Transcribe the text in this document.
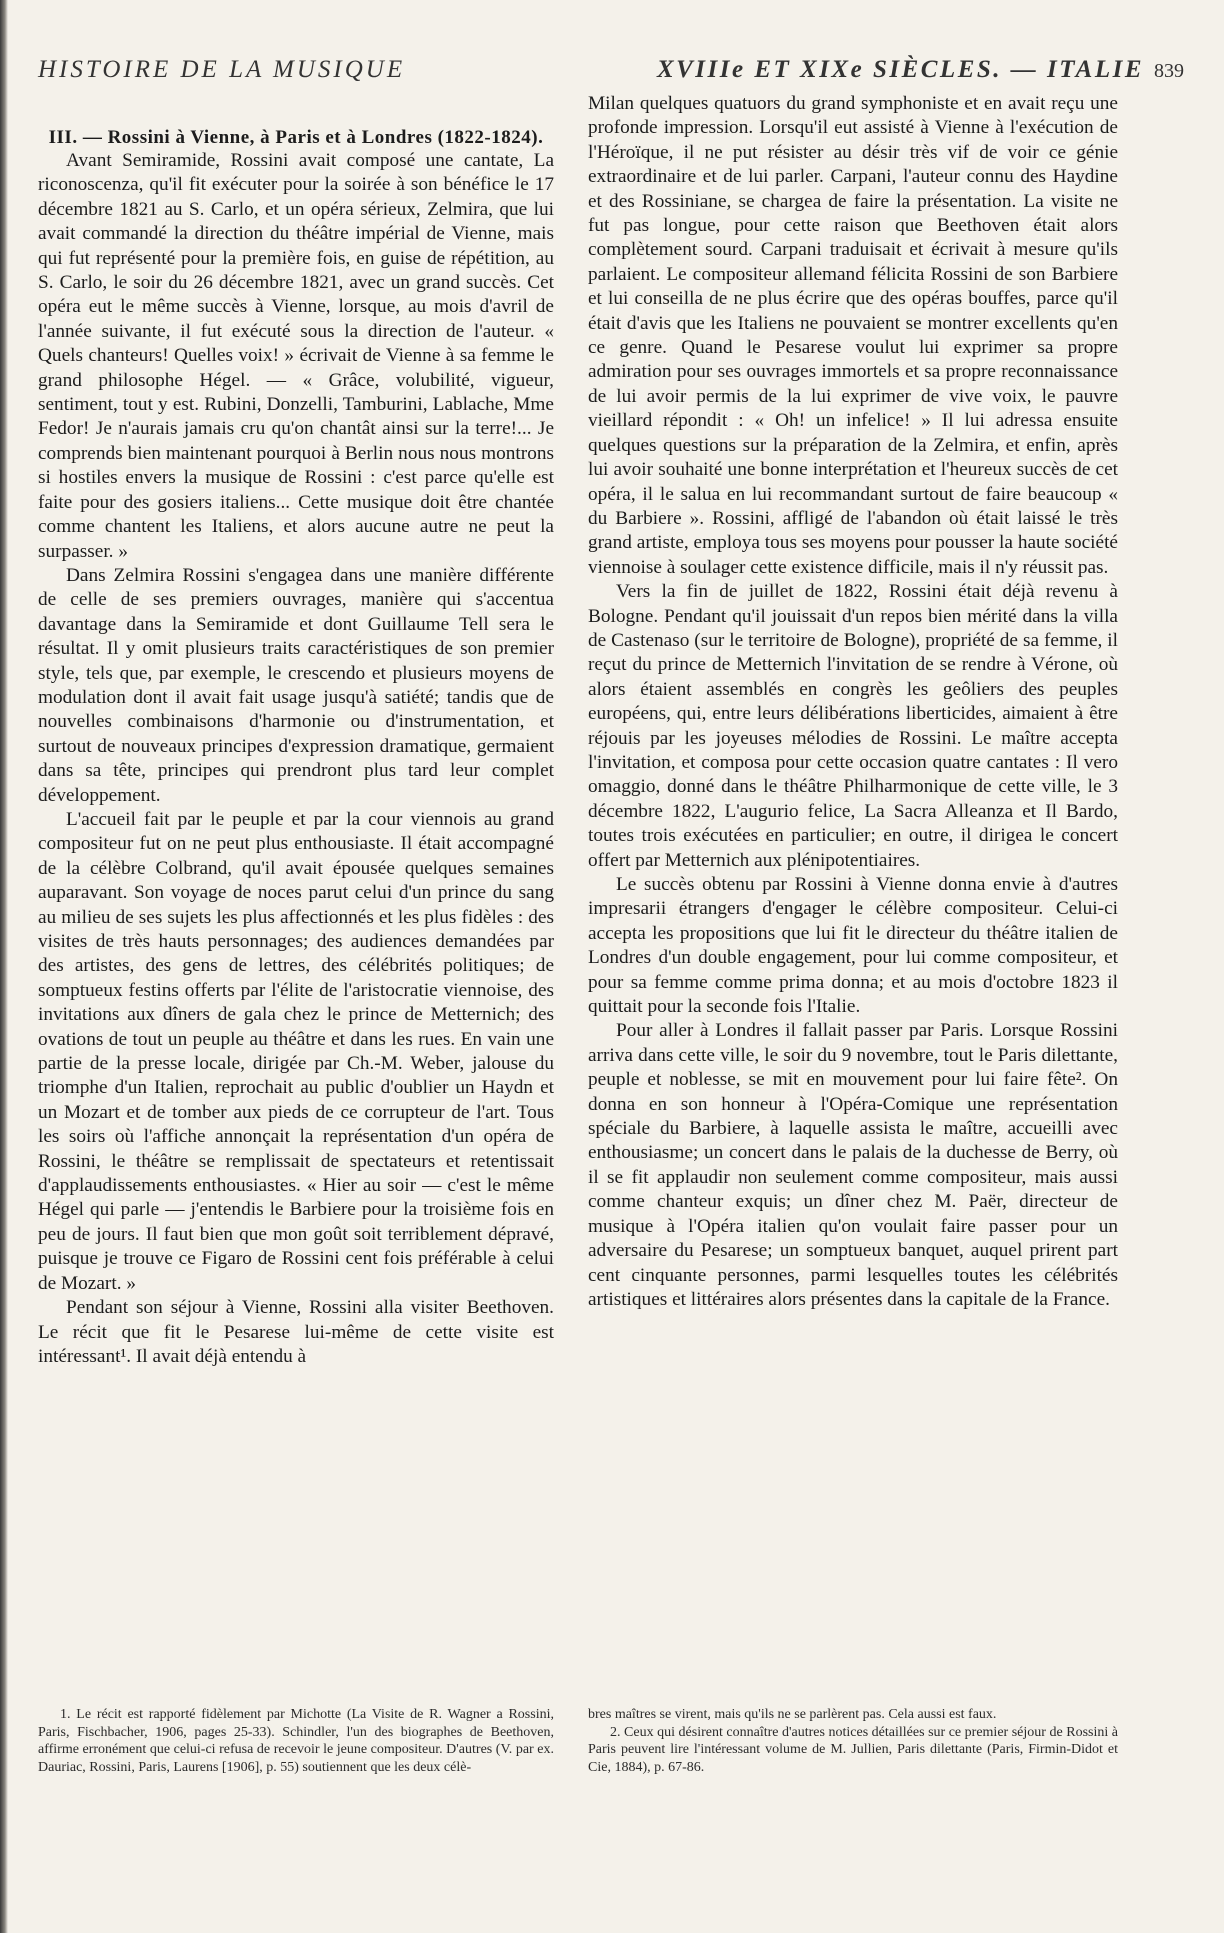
HISTOIRE DE LA MUSIQUE	XVIIIe ET XIXe SIÈCLES. — ITALIE 839

III. — Rossini à Vienne, à Paris et à Londres (1822-1824).

Avant Semiramide, Rossini avait composé une cantate, La riconoscenza, qu'il fit exécuter pour la soirée à son bénéfice le 17 décembre 1821 au S. Carlo, et un opéra sérieux, Zelmira, que lui avait commandé la direction du théâtre impérial de Vienne, mais qui fut représenté pour la première fois, en guise de répétition, au S. Carlo, le soir du 26 décembre 1821, avec un grand succès. Cet opéra eut le même succès à Vienne, lorsque, au mois d'avril de l'année suivante, il fut exécuté sous la direction de l'auteur. « Quels chanteurs! Quelles voix! » écrivait de Vienne à sa femme le grand philosophe Hégel. — « Grâce, volubilité, vigueur, sentiment, tout y est. Rubini, Donzelli, Tamburini, Lablache, Mme Fedor! Je n'aurais jamais cru qu'on chantât ainsi sur la terre!... Je comprends bien maintenant pourquoi à Berlin nous nous montrons si hostiles envers la musique de Rossini : c'est parce qu'elle est faite pour des gosiers italiens... Cette musique doit être chantée comme chantent les Italiens, et alors aucune autre ne peut la surpasser. »

Dans Zelmira Rossini s'engagea dans une manière différente de celle de ses premiers ouvrages, manière qui s'accentua davantage dans la Semiramide et dont Guillaume Tell sera le résultat. Il y omit plusieurs traits caractéristiques de son premier style, tels que, par exemple, le crescendo et plusieurs moyens de modulation dont il avait fait usage jusqu'à satiété; tandis que de nouvelles combinaisons d'harmonie ou d'instrumentation, et surtout de nouveaux principes d'expression dramatique, germaient dans sa tête, principes qui prendront plus tard leur complet développement.

L'accueil fait par le peuple et par la cour viennois au grand compositeur fut on ne peut plus enthousiaste. Il était accompagné de la célèbre Colbrand, qu'il avait épousée quelques semaines auparavant. Son voyage de noces parut celui d'un prince du sang au milieu de ses sujets les plus affectionnés et les plus fidèles : des visites de très hauts personnages; des audiences demandées par des artistes, des gens de lettres, des célébrités politiques; de somptueux festins offerts par l'élite de l'aristocratie viennoise, des invitations aux dîners de gala chez le prince de Metternich; des ovations de tout un peuple au théâtre et dans les rues. En vain une partie de la presse locale, dirigée par Ch.-M. Weber, jalouse du triomphe d'un Italien, reprochait au public d'oublier un Haydn et un Mozart et de tomber aux pieds de ce corrupteur de l'art. Tous les soirs où l'affiche annonçait la représentation d'un opéra de Rossini, le théâtre se remplissait de spectateurs et retentissait d'applaudissements enthousiastes. « Hier au soir — c'est le même Hégel qui parle — j'entendis le Barbiere pour la troisième fois en peu de jours. Il faut bien que mon goût soit terriblement dépravé, puisque je trouve ce Figaro de Rossini cent fois préférable à celui de Mozart. »

Pendant son séjour à Vienne, Rossini alla visiter Beethoven. Le récit que fit le Pesarese lui-même de cette visite est intéressant¹. Il avait déjà entendu à

Milan quelques quatuors du grand symphoniste et en avait reçu une profonde impression. Lorsqu'il eut assisté à Vienne à l'exécution de l'Héroïque, il ne put résister au désir très vif de voir ce génie extraordinaire et de lui parler. Carpani, l'auteur connu des Haydine et des Rossiniane, se chargea de faire la présentation. La visite ne fut pas longue, pour cette raison que Beethoven était alors complètement sourd. Carpani traduisait et écrivait à mesure qu'ils parlaient. Le compositeur allemand félicita Rossini de son Barbiere et lui conseilla de ne plus écrire que des opéras bouffes, parce qu'il était d'avis que les Italiens ne pouvaient se montrer excellents qu'en ce genre. Quand le Pesarese voulut lui exprimer sa propre admiration pour ses ouvrages immortels et sa propre reconnaissance de lui avoir permis de la lui exprimer de vive voix, le pauvre vieillard répondit : « Oh! un infelice! » Il lui adressa ensuite quelques questions sur la préparation de la Zelmira, et enfin, après lui avoir souhaité une bonne interprétation et l'heureux succès de cet opéra, il le salua en lui recommandant surtout de faire beaucoup « du Barbiere ». Rossini, affligé de l'abandon où était laissé le très grand artiste, employa tous ses moyens pour pousser la haute société viennoise à soulager cette existence difficile, mais il n'y réussit pas.

Vers la fin de juillet de 1822, Rossini était déjà revenu à Bologne. Pendant qu'il jouissait d'un repos bien mérité dans la villa de Castenaso (sur le territoire de Bologne), propriété de sa femme, il reçut du prince de Metternich l'invitation de se rendre à Vérone, où alors étaient assemblés en congrès les geôliers des peuples européens, qui, entre leurs délibérations liberticides, aimaient à être réjouis par les joyeuses mélodies de Rossini. Le maître accepta l'invitation, et composa pour cette occasion quatre cantates : Il vero omaggio, donné dans le théâtre Philharmonique de cette ville, le 3 décembre 1822, L'augurio felice, La Sacra Alleanza et Il Bardo, toutes trois exécutées en particulier; en outre, il dirigea le concert offert par Metternich aux plénipotentiaires.

Le succès obtenu par Rossini à Vienne donna envie à d'autres impresarii étrangers d'engager le célèbre compositeur. Celui-ci accepta les propositions que lui fit le directeur du théâtre italien de Londres d'un double engagement, pour lui comme compositeur, et pour sa femme comme prima donna; et au mois d'octobre 1823 il quittait pour la seconde fois l'Italie.

Pour aller à Londres il fallait passer par Paris. Lorsque Rossini arriva dans cette ville, le soir du 9 novembre, tout le Paris dilettante, peuple et noblesse, se mit en mouvement pour lui faire fête². On donna en son honneur à l'Opéra-Comique une représentation spéciale du Barbiere, à laquelle assista le maître, accueilli avec enthousiasme; un concert dans le palais de la duchesse de Berry, où il se fit applaudir non seulement comme compositeur, mais aussi comme chanteur exquis; un dîner chez M. Paër, directeur de musique à l'Opéra italien qu'on voulait faire passer pour un adversaire du Pesarese; un somptueux banquet, auquel prirent part cent cinquante personnes, parmi lesquelles toutes les célébrités artistiques et littéraires alors présentes dans la capitale de la France.

1. Le récit est rapporté fidèlement par Michotte (La Visite de R. Wagner a Rossini, Paris, Fischbacher, 1906, pages 25-33). Schindler, l'un des biographes de Beethoven, affirme erronément que celui-ci refusa de recevoir le jeune compositeur. D'autres (V. par ex. Dauriac, Rossini, Paris, Laurens [1906], p. 55) soutiennent que les deux célè-

bres maîtres se virent, mais qu'ils ne se parlèrent pas. Cela aussi est faux.

2. Ceux qui désirent connaître d'autres notices détaillées sur ce premier séjour de Rossini à Paris peuvent lire l'intéressant volume de M. Jullien, Paris dilettante (Paris, Firmin-Didot et Cie, 1884), p. 67-86.
